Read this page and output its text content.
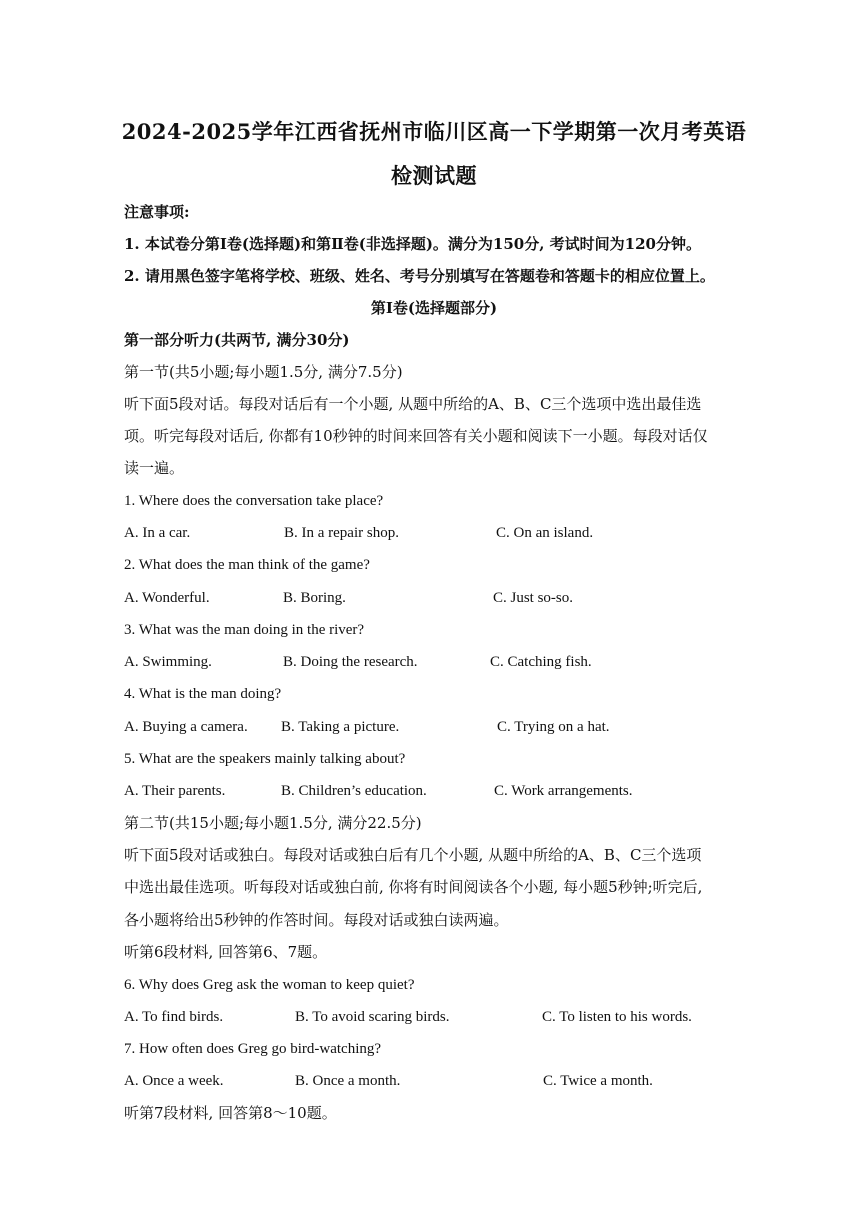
2024-2025学年江西省抚州市临川区高一下学期第一次月考英语
检测试题
注意事项:
1. 本试卷分第Ⅰ卷(选择题)和第Ⅱ卷(非选择题)。满分为150分, 考试时间为120分钟。
2. 请用黑色签字笔将学校、班级、姓名、考号分别填写在答题卷和答题卡的相应位置上。
第Ⅰ卷(选择题部分)
第一部分听力(共两节, 满分30分)
第一节(共5小题;每小题1.5分, 满分7.5分)
听下面5段对话。每段对话后有一个小题, 从题中所给的A、B、C三个选项中选出最佳选
项。听完每段对话后, 你都有10秒钟的时间来回答有关小题和阅读下一小题。每段对话仅
读一遍。
1. Where does the conversation take place?
A. In a car.	B. In a repair shop.	C. On an island.
2. What does the man think of the game?
A. Wonderful.	B. Boring.	C. Just so-so.
3. What was the man doing in the river?
A. Swimming.	B. Doing the research.	C. Catching fish.
4. What is the man doing?
A. Buying a camera. B. Taking a picture.	C. Trying on a hat.
5. What are the speakers mainly talking about?
A. Their parents.	B. Children’s education.	C. Work arrangements.
第二节(共15小题;每小题1.5分, 满分22.5分)
听下面5段对话或独白。每段对话或独白后有几个小题, 从题中所给的A、B、C三个选项
中选出最佳选项。听每段对话或独白前, 你将有时间阅读各个小题, 每小题5秒钟;听完后,
各小题将给出5秒钟的作答时间。每段对话或独白读两遍。
听第6段材料, 回答第6、7题。
6. Why does Greg ask the woman to keep quiet?
A. To find birds.	B. To avoid scaring birds.	C. To listen to his words.
7. How often does Greg go bird-watching?
A. Once a week.	B. Once a month.	C. Twice a month.
听第7段材料, 回答第8～10题。
